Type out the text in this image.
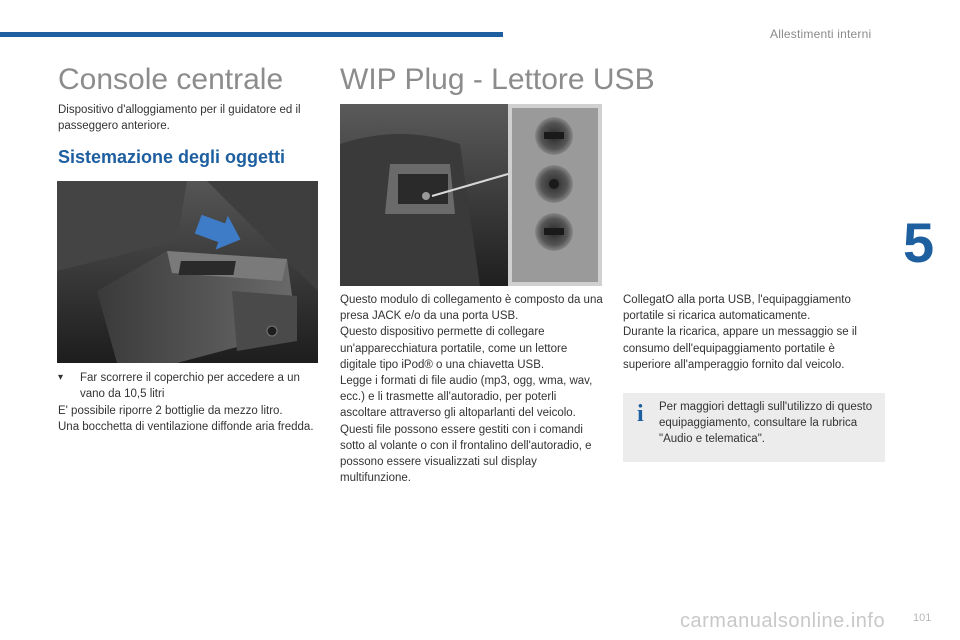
Allestimenti interni
5
101
carmanualsonline.info
Console centrale
Dispositivo d'alloggiamento per il guidatore ed il passeggero anteriore.
Sistemazione degli oggetti
▾	Far scorrere il coperchio per accedere a un vano da 10,5 litri

E' possibile riporre 2 bottiglie da mezzo litro.

Una bocchetta di ventilazione diffonde aria fredda.

WIP Plug - Lettore USB

Questo modulo di collegamento è composto da una presa JACK e/o da una porta USB.

Questo dispositivo permette di collegare un'apparecchiatura portatile, come un lettore digitale tipo iPod® o una chiavetta USB.

Legge i formati di file audio (mp3, ogg, wma, wav, ecc.) e li trasmette all'autoradio, per poterli ascoltare attraverso gli altoparlanti del veicolo.

Questi file possono essere gestiti con i comandi sotto al volante o con il frontalino dell'autoradio, e possono essere visualizzati sul display multifunzione.

CollegatO alla porta USB, l'equipaggiamento portatile si ricarica automaticamente.

Durante la ricarica, appare un messaggio se il consumo dell'equipaggiamento portatile è superiore all'amperaggio fornito dal veicolo.

i Per maggiori dettagli sull'utilizzo di questo equipaggiamento, consultare la rubrica "Audio e telematica".
